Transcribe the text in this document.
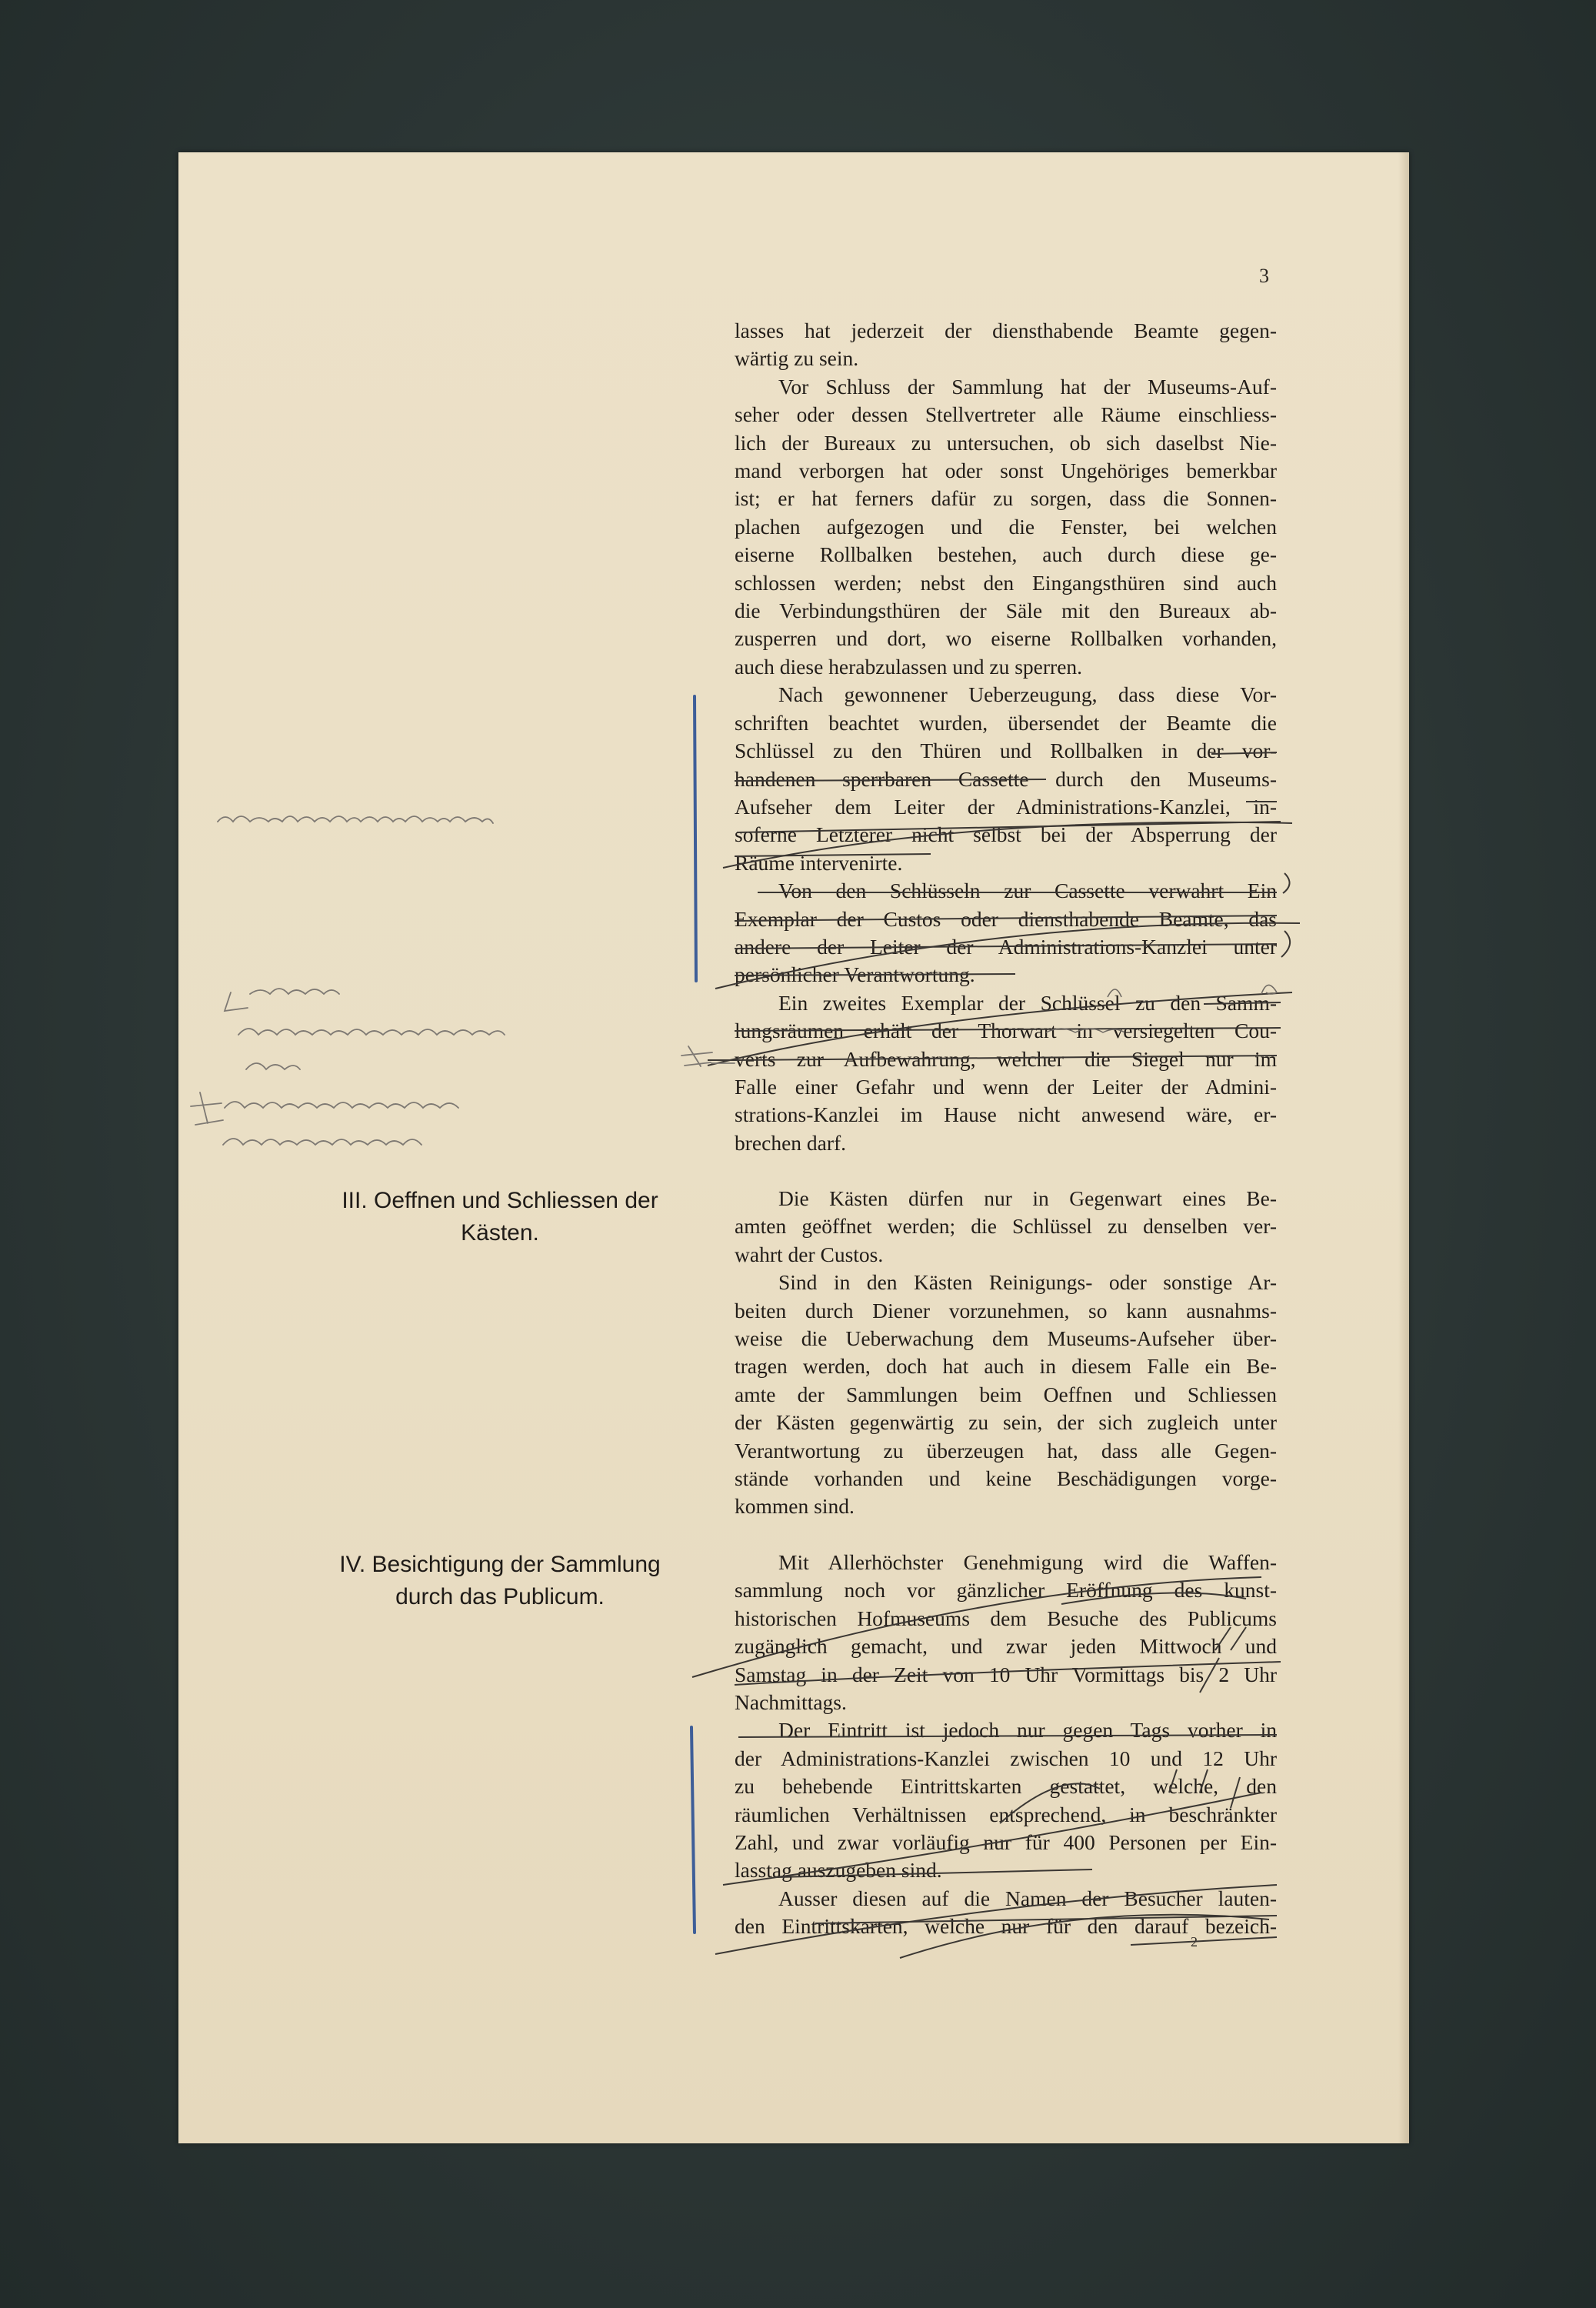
3
III. Oeffnen und Schliessen der
Kästen.
IV. Besichtigung der Sammlung
durch das Publicum.

lasses hat jederzeit der diensthabende Beamte gegen-
wärtig zu sein.

Vor Schluss der Sammlung hat der Museums-Auf-

seher oder dessen Stellvertreter alle Räume einschliess-
lich der Bureaux zu untersuchen, ob sich daselbst Nie-
mand verborgen hat oder sonst Ungehöriges bemerkbar
ist; er hat ferners dafür zu sorgen, dass die Sonnen-
plachen aufgezogen und die Fenster, bei welchen
eiserne Rollbalken bestehen, auch durch diese ge-
schlossen werden; nebst den Eingangsthüren sind auch
die Verbindungsthüren der Säle mit den Bureaux ab-
zusperren und dort, wo eiserne Rollbalken vorhanden,
auch diese herabzulassen und zu sperren.

Nach gewonnener Ueberzeugung, dass diese Vor-

schriften beachtet wurden, übersendet der Beamte die
Schlüssel zu den Thüren und Rollbalken in der vor-
handenen sperrbaren Cassette durch den Museums-
Aufseher dem Leiter der Administrations-Kanzlei, in-
soferne Letzterer nicht selbst bei der Absperrung der
Räume intervenirte.

Von den Schlüsseln zur Cassette verwahrt Ein

Exemplar der Custos oder diensthabende Beamte, das
andere der Leiter der Administrations-Kanzlei unter
persönlicher Verantwortung.

Ein zweites Exemplar der Schlüssel zu den Samm-

lungsräumen erhält der Thorwart in versiegelten Cou-
verts zur Aufbewahrung, welcher die Siegel nur im
Falle einer Gefahr und wenn der Leiter der Admini-
strations-Kanzlei im Hause nicht anwesend wäre, er-
brechen darf.

Die Kästen dürfen nur in Gegenwart eines Be-

amten geöffnet werden; die Schlüssel zu denselben ver-
wahrt der Custos.

Sind in den Kästen Reinigungs- oder sonstige Ar-

beiten durch Diener vorzunehmen, so kann ausnahms-
weise die Ueberwachung dem Museums-Aufseher über-
tragen werden, doch hat auch in diesem Falle ein Be-
amte der Sammlungen beim Oeffnen und Schliessen
der Kästen gegenwärtig zu sein, der sich zugleich unter
Verantwortung zu überzeugen hat, dass alle Gegen-
stände vorhanden und keine Beschädigungen vorge-
kommen sind.

Mit Allerhöchster Genehmigung wird die Waffen-

sammlung noch vor gänzlicher Eröffnung des kunst-
historischen Hofmuseums dem Besuche des Publicums
zugänglich gemacht, und zwar jeden Mittwoch und
Samstag in der Zeit von 10 Uhr Vormittags bis 2 Uhr
Nachmittags.

Der Eintritt ist jedoch nur gegen Tags vorher in

der Administrations-Kanzlei zwischen 10 und 12 Uhr
zu behebende Eintrittskarten gestattet, welche, den
räumlichen Verhältnissen entsprechend, in beschränkter
Zahl, und zwar vorläufig nur für 400 Personen per Ein-
lasstag auszugeben sind.

Ausser diesen auf die Namen der Besucher lauten-

den Eintrittskarten, welche nur für den darauf bezeich-

2
